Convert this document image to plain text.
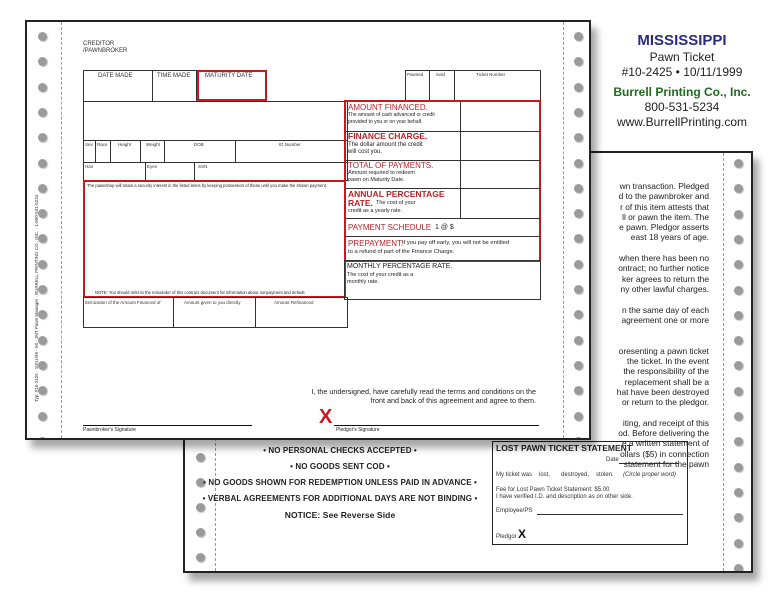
MISSISSIPPI
Pawn Ticket
#10-2425 • 10/11/1999
Burrell Printing Co., Inc.
800-531-5234
www.BurrellPrinting.com
wn transaction. Pledged
d to the pawnbroker and
r of this item attests that
ll or pawn the item. The
e pawn. Pledgor asserts
east 18 years of age.

when there has been no
ontract; no further notice
ker agrees to return the
ny other lawful charges.

n the same day of each
agreement one or more

oresenting a pawn ticket
the ticket. In the event
the responsibility of the
replacement shall be a
hat have been destroyed
or return to the pledgor.

iting, and receipt of this
od. Before delivering the
e a written statement of
ollars ($5) in connection
statement for the pawn
• NO PERSONAL CHECKS ACCEPTED •
• NO GOODS SENT COD •
• NO GOODS SHOWN FOR REDEMPTION UNLESS PAID IN ADVANCE •
• VERBAL AGREEMENTS FOR ADDITIONAL DAYS ARE NOT BINDING •
NOTICE: See Reverse Side
LOST PAWN TICKET STATEMENT
Date
My ticket was lost, destroyed, stolen. (Circle proper word)
Fee for Lost Pawn Ticket Statement: $5.00
I have verified I.D. and description as on other side.
Employee/PS
Pledgor X
Typ: #10-2425 · 10/11/99 · MI · JMT Pawn Manager · BURRELL PRINTING CO., INC. · 1-800-531-5234
CREDITOR
/PAWNBROKER
DATE MADE	TIME MADE MATURITY DATE	Pawned	Sold	Ticket Number
Sex Race Height	Weight	DOB	ID Number
Hair	Eyes	SSN.
The pawnshop will retain a security interest in the listed items by keeping possession of these until you make the shown payment.
NOTE: You should refer to the remainder of this contract document for information about nonpayment and default.
Itemization of the Amount Financed of	Amount given to you directly	Amount Refinanced
AMOUNT FINANCED.
The amount of cash advanced or credit
provided to you or on your behalf.
FINANCE CHARGE.
The dollar amount the credit
will cost you.
TOTAL OF PAYMENTS.
Amount required to redeem
pawn on Maturity Date.
ANNUAL PERCENTAGE
RATE. The cost of your
credit as a yearly rate.
PAYMENT SCHEDULE 1 @ $
PREPAYMENT:
If you pay off early, you will not be entitled
to a refund of part of the Finance Charge.
MONTHLY PERCENTAGE RATE.
The cost of your credit as a
monthly rate.
I, the undersigned, have carefully read the terms and conditions on the
front and back of this agreement and agree to them.
Pawnbroker's Signature
X
Pledgor's Signature
